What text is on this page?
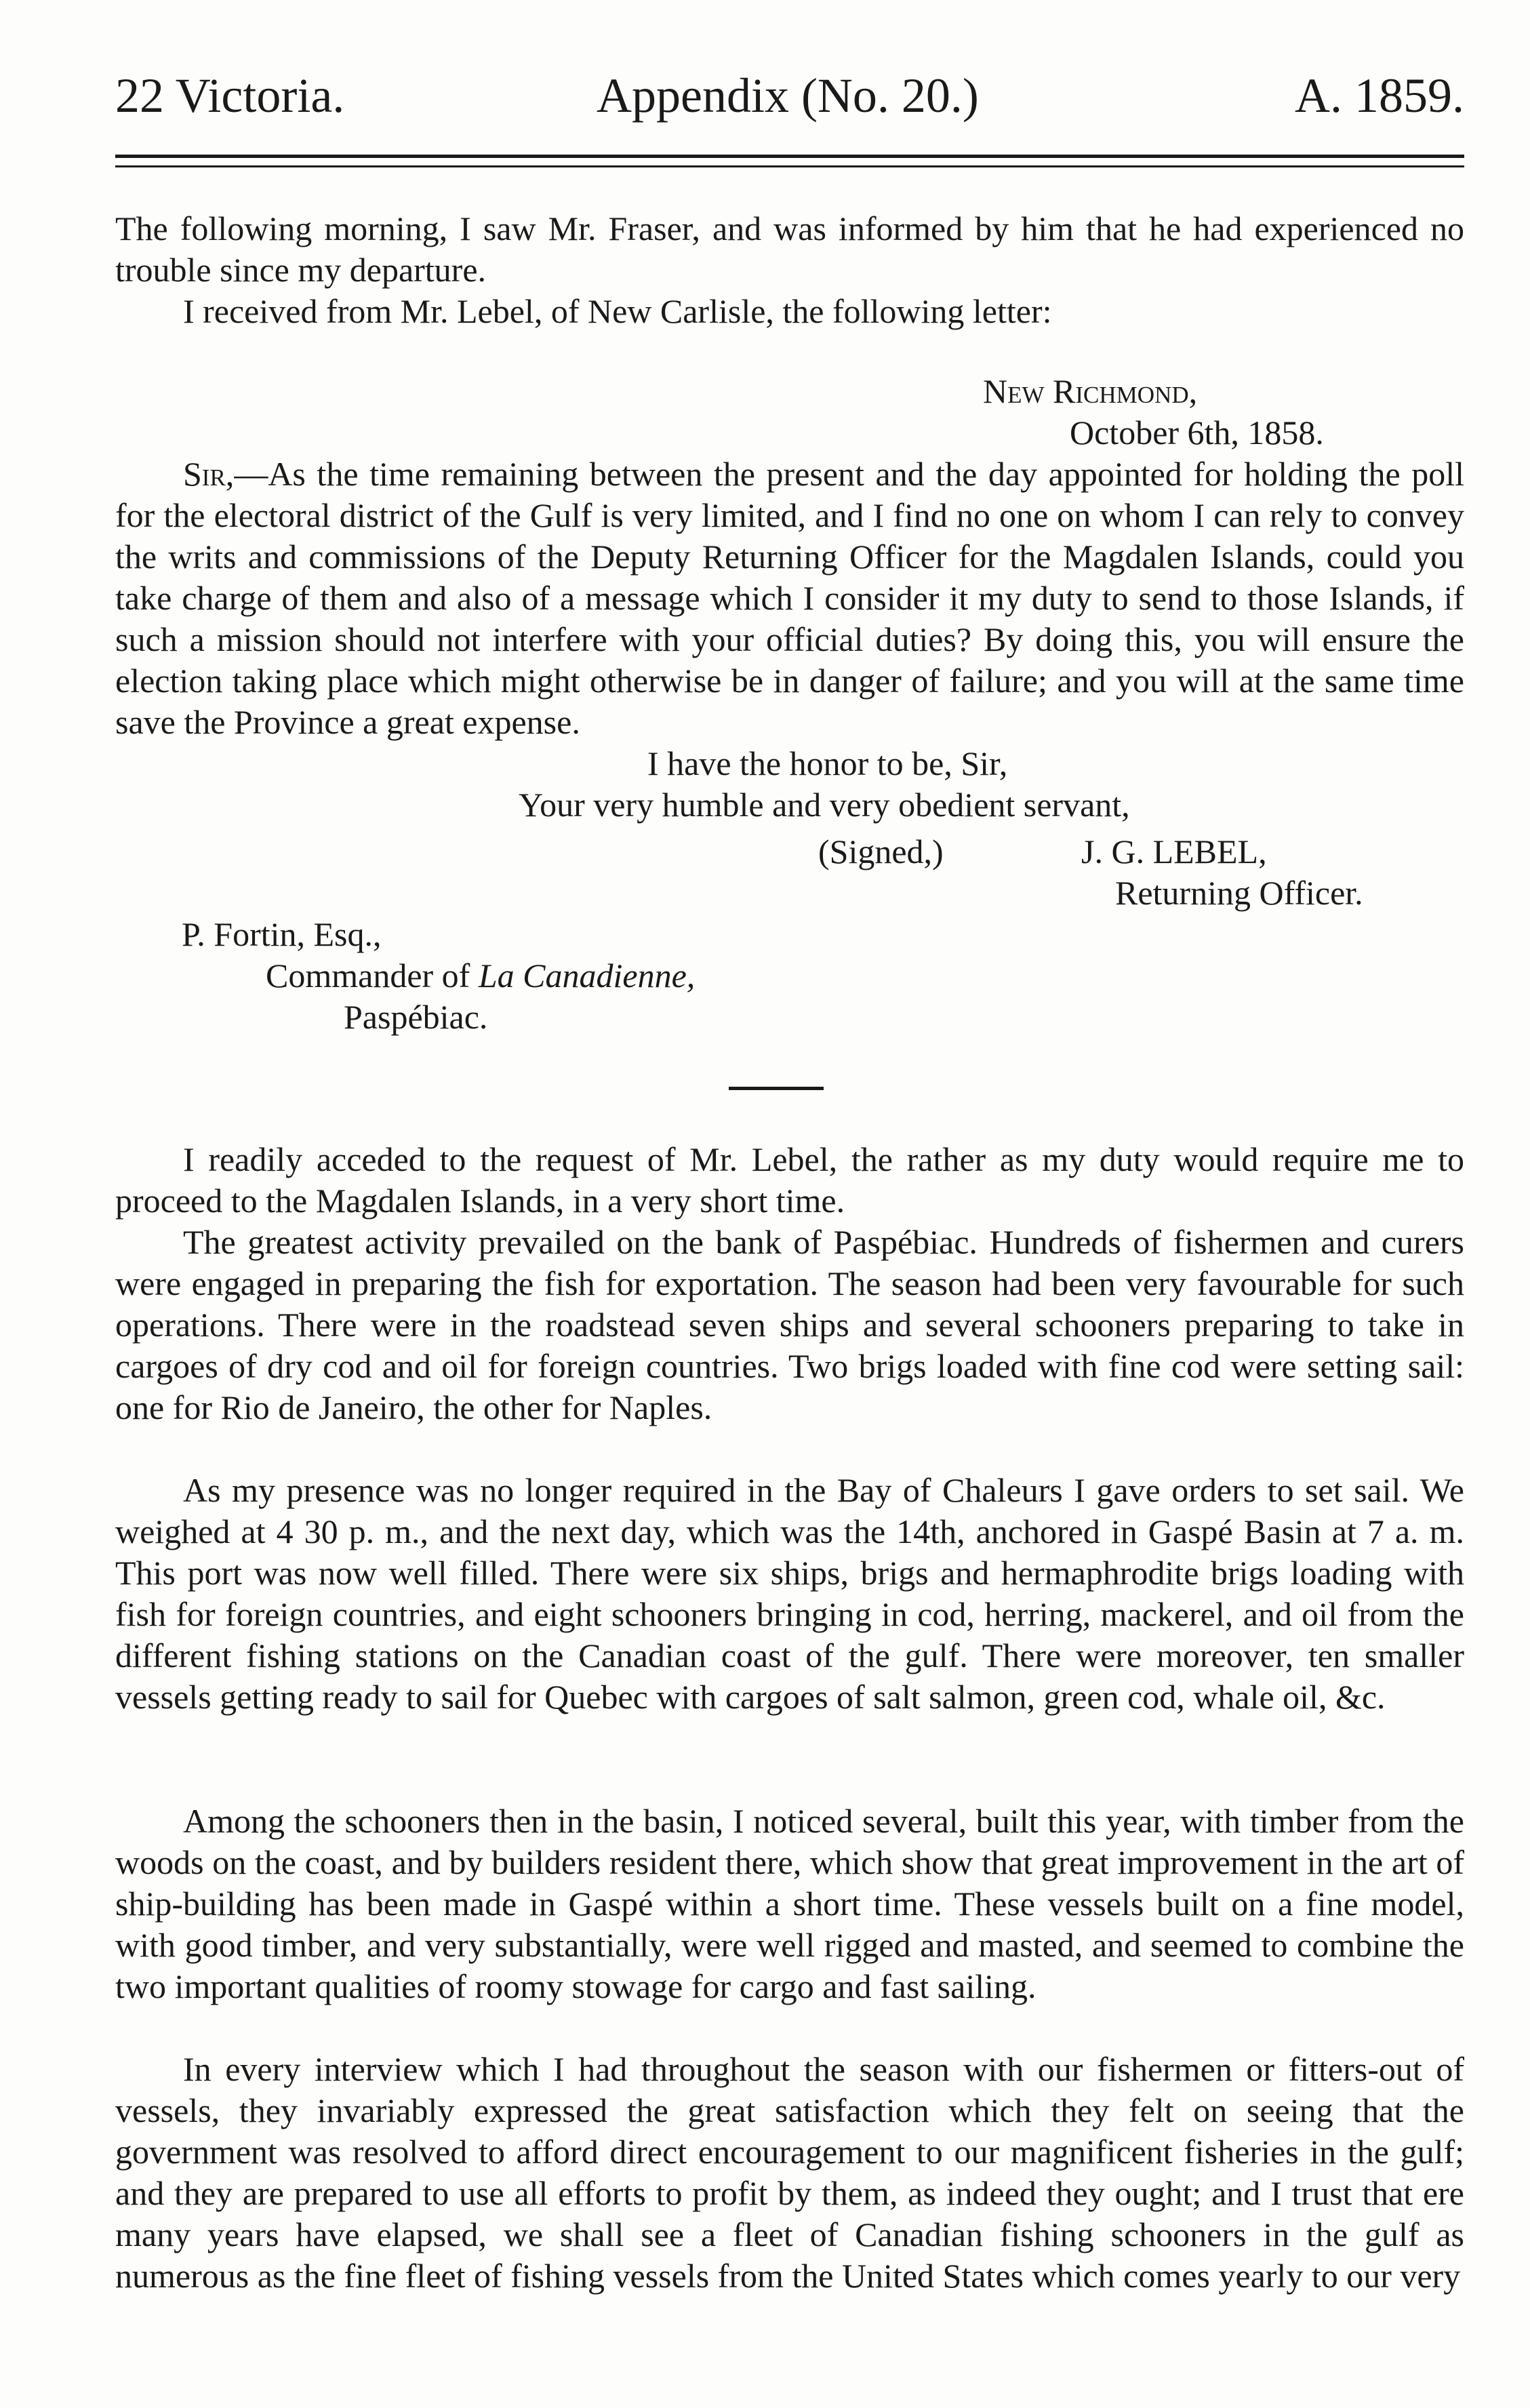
22 Victoria.	Appendix (No. 20.)	A. 1859.

The following morning, I saw Mr. Fraser, and was informed by him that he had experienced no trouble since my departure.

I received from Mr. Lebel, of New Carlisle, the following letter:

New Richmond,

October 6th, 1858.

Sir,—As the time remaining between the present and the day appointed for holding the poll for the electoral district of the Gulf is very limited, and I find no one on whom I can rely to convey the writs and commissions of the Deputy Returning Officer for the Magdalen Islands, could you take charge of them and also of a message which I consider it my duty to send to those Islands, if such a mission should not interfere with your official duties? By doing this, you will ensure the election taking place which might otherwise be in danger of failure; and you will at the same time save the Province a great expense.

I have the honor to be, Sir,

Your very humble and very obedient servant,

(Signed,)	J. G. LEBEL,

Returning Officer.

P. Fortin, Esq.,

Commander of La Canadienne,

Paspébiac.

I readily acceded to the request of Mr. Lebel, the rather as my duty would require me to proceed to the Magdalen Islands, in a very short time.

The greatest activity prevailed on the bank of Paspébiac. Hundreds of fishermen and curers were engaged in preparing the fish for exportation. The season had been very favourable for such operations. There were in the roadstead seven ships and several schooners preparing to take in cargoes of dry cod and oil for foreign countries. Two brigs loaded with fine cod were setting sail: one for Rio de Janeiro, the other for Naples.

As my presence was no longer required in the Bay of Chaleurs I gave orders to set sail. We weighed at 4 30 p. m., and the next day, which was the 14th, anchored in Gaspé Basin at 7 a. m. This port was now well filled. There were six ships, brigs and hermaphrodite brigs loading with fish for foreign countries, and eight schooners bringing in cod, herring, mackerel, and oil from the different fishing stations on the Canadian coast of the gulf. There were moreover, ten smaller vessels getting ready to sail for Quebec with cargoes of salt salmon, green cod, whale oil, &c.

Among the schooners then in the basin, I noticed several, built this year, with timber from the woods on the coast, and by builders resident there, which show that great improvement in the art of ship-building has been made in Gaspé within a short time. These vessels built on a fine model, with good timber, and very substantially, were well rigged and masted, and seemed to combine the two important qualities of roomy stowage for cargo and fast sailing.

In every interview which I had throughout the season with our fishermen or fitters-out of vessels, they invariably expressed the great satisfaction which they felt on seeing that the government was resolved to afford direct encouragement to our magnificent fisheries in the gulf; and they are prepared to use all efforts to profit by them, as indeed they ought; and I trust that ere many years have elapsed, we shall see a fleet of Canadian fishing schooners in the gulf as numerous as the fine fleet of fishing vessels from the United States which comes yearly to our very
